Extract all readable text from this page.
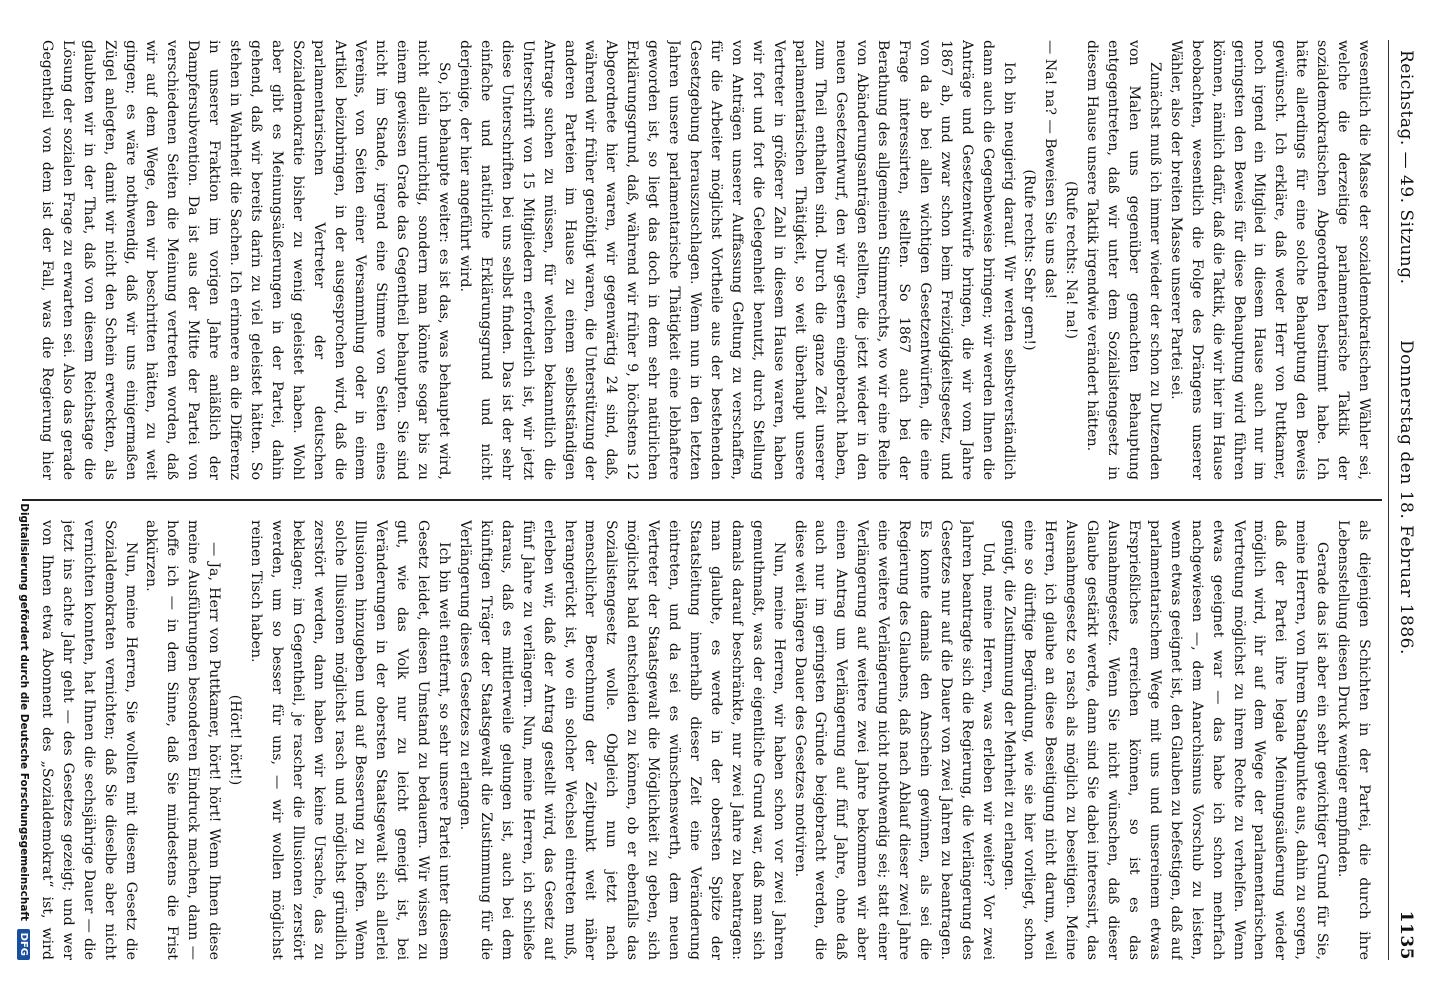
Reichstag. — 49. Sitzung.
Donnerstag den 18. Februar 1886.
1135

wesentlich die Masse der sozialdemokratischen Wähler sei, welche die derzeitige parlamentarische Taktik der sozialdemokratischen Abgeordneten bestimmt habe. Ich hätte allerdings für eine solche Behauptung den Beweis gewünscht. Ich erkläre, daß weder Herr von Puttkamer, noch irgend ein Mitglied in diesem Hause auch nur im geringsten den Beweis für diese Behauptung wird führen können, nämlich dafür, daß die Taktik, die wir hier im Hause beobachten, wesentlich die Folge des Drängens unserer Wähler, also der breiten Masse unserer Partei sei.

Zunächst muß ich immer wieder der schon zu Dutzenden von Malen uns gegenüber gemachten Behauptung entgegentreten, daß wir unter dem Sozialistengesetz in diesem Hause unsere Taktik irgendwie verändert hätten.

(Rufe rechts: Na! na!)

— Na! na? — Beweisen Sie uns das!

(Rufe rechts: Sehr gern!)

Ich bin neugierig darauf. Wir werden selbstverständlich dann auch die Gegenbeweise bringen; wir werden Ihnen die Anträge und Gesetzentwürfe bringen, die wir vom Jahre 1867 ab, und zwar schon beim Freizügigkeitsgesetz, und von da ab bei allen wichtigen Gesetzentwürfen, die eine Frage interessirten, stellten. So 1867 auch bei der Berathung des allgemeinen Stimmrechts, wo wir eine Reihe von Abänderungsanträgen stellten, die jetzt wieder in den neuen Gesetzentwurf, den wir gestern eingebracht haben, zum Theil enthalten sind. Durch die ganze Zeit unserer parlamentarischen Thätigkeit, so weit überhaupt unsere Vertreter in größerer Zahl in diesem Hause waren, haben wir fort und fort die Gelegenheit benutzt, durch Stellung von Anträgen unserer Auffassung Geltung zu verschaffen, für die Arbeiter möglichst Vortheile aus der bestehenden Gesetzgebung herauszuschlagen. Wenn nun in den letzten Jahren unsere parlamentarische Thätigkeit eine lebhaftere geworden ist, so liegt das doch in dem sehr natürlichen Erklärungsgrund, daß, während wir früher 9, höchstens 12 Abgeordnete hier waren, wir gegenwärtig 24 sind, daß, während wir früher genöthigt waren, die Unterstützung der anderen Parteien im Hause zu einem selbstständigen Antrage suchen zu müssen, für welchen bekanntlich die Unterschrift von 15 Mitgliedern erforderlich ist, wir jetzt diese Unterschriften bei uns selbst finden. Das ist der sehr einfache und natürliche Erklärungsgrund und nicht derjenige, der hier angeführt wird.

So, ich behaupte weiter: es ist das, was behauptet wird, nicht allein unrichtig, sondern man könnte sogar bis zu einem gewissen Grade das Gegentheil behaupten. Sie sind nicht im Stande, irgend eine Stimme von Seiten eines Vereins, von Seiten einer Versammlung oder in einem Artikel beizubringen, in der ausgesprochen wird, daß die parlamentarischen Vertreter der deutschen Sozialdemokratie bisher zu wenig geleistet haben. Wohl aber gibt es Meinungsäußerungen in der Partei, dahin gehend, daß wir bereits darin zu viel geleistet hätten. So stehen in Wahrheit die Sachen. Ich erinnere an die Differenz in unserer Fraktion im vorigen Jahre anläßlich der Dampfersubvention. Da ist aus der Mitte der Partei von verschiedenen Seiten die Meinung vertreten worden, daß wir auf dem Wege, den wir beschritten hätten, zu weit gingen; es wäre nothwendig, daß wir uns einigermaßen Zügel anlegten, damit wir nicht den Schein erweckten, als glaubten wir in der That, daß von diesem Reichstage die Lösung der sozialen Frage zu erwarten sei. Also das gerade Gegentheil von dem ist der Fall, was die Regierung hier

als diejenigen Schichten in der Partei, die durch ihre Lebensstellung diesen Druck weniger empfinden.

Gerade das ist aber ein sehr gewichtiger Grund für Sie, meine Herren, von Ihrem Standpunkte aus, dahin zu sorgen, daß der Partei ihre legale Meinungsäußerung wieder möglich wird, ihr auf dem Wege der parlamentarischen Vertretung möglichst zu ihrem Rechte zu verhelfen. Wenn etwas geeignet war — das habe ich schon mehrfach nachgewiesen —, dem Anarchismus Vorschub zu leisten, wenn etwas geeignet ist, den Glauben zu befestigen, daß auf parlamentarischem Wege mit uns und unsereinem etwas Ersprießliches erreichen können, so ist es das Ausnahmegesetz. Wenn Sie nicht wünschen, daß dieser Glaube gestärkt werde, dann sind Sie dabei interessirt, das Ausnahmegesetz so rasch als möglich zu beseitigen. Meine Herren, ich glaube an diese Beseitigung nicht darum, weil eine so dürftige Begründung, wie sie hier vorliegt, schon genügt, die Zustimmung der Mehrheit zu erlangen.

Und, meine Herren, was erleben wir weiter? Vor zwei Jahren beantragte sich die Regierung, die Verlängerung des Gesetzes nur auf die Dauer von zwei Jahren zu beantragen. Es konnte damals den Anschein gewinnen, als sei die Regierung des Glaubens, daß nach Ablauf dieser zwei Jahre eine weitere Verlängerung nicht nothwendig sei; statt einer Verlängerung auf weitere zwei Jahre bekommen wir aber einen Antrag um Verlängerung auf fünf Jahre, ohne daß auch nur im geringsten Gründe beigebracht werden, die diese weit längere Dauer des Gesetzes motiviren.

Nun, meine Herren, wir haben schon vor zwei Jahren gemuthmaßt, was der eigentliche Grund war, daß man sich damals darauf beschränkte, nur zwei Jahre zu beantragen: man glaubte, es werde in der obersten Spitze der Staatsleitung innerhalb dieser Zeit eine Veränderung eintreten, und da sei es wünschenswerth, dem neuen Vertreter der Staatsgewalt die Möglichkeit zu geben, sich möglichst bald entscheiden zu können, ob er ebenfalls das Sozialistengesetz wolle. Obgleich nun jetzt nach menschlicher Berechnung der Zeitpunkt weit näher herangerückt ist, wo ein solcher Wechsel eintreten muß, erleben wir, daß der Antrag gestellt wird, das Gesetz auf fünf Jahre zu verlängern. Nun, meine Herren, ich schließe daraus, daß es mittlerweile gelungen ist, auch bei dem künftigen Träger der Staatsgewalt die Zustimmung für die Verlängerung dieses Gesetzes zu erlangen.

Ich bin weit entfernt, so sehr unsere Partei unter diesem Gesetz leidet, diesen Umstand zu bedauern. Wir wissen zu gut, wie das Volk nur zu leicht geneigt ist, bei Veränderungen in der obersten Staatsgewalt sich allerlei Illusionen hinzugeben und auf Besserung zu hoffen. Wenn solche Illusionen möglichst rasch und möglichst gründlich zerstört werden, dann haben wir keine Ursache, das zu beklagen; im Gegentheil, je rascher die Illusionen zerstört werden, um so besser für uns, — wir wollen möglichst reinen Tisch haben.

(Hört! hört!)

— Ja, Herr von Puttkamer, hört! hört! Wenn Ihnen diese meine Ausführungen besonderen Eindruck machen, dann — hoffe ich — in dem Sinne, daß Sie mindestens die Frist abkürzen.

Nun, meine Herren, Sie wollten mit diesem Gesetz die Sozialdemokraten vernichten; daß Sie dieselbe aber nicht vernichten konnten, hat Ihnen die sechsjährige Dauer — die jetzt ins achte Jahr geht — des Gesetzes gezeigt; und wer von Ihnen etwa Abonnent des „Sozialdemokrat“ ist, wird

Digitalisierung gefördert durch die Deutsche Forschungsgemeinschaft DFG
